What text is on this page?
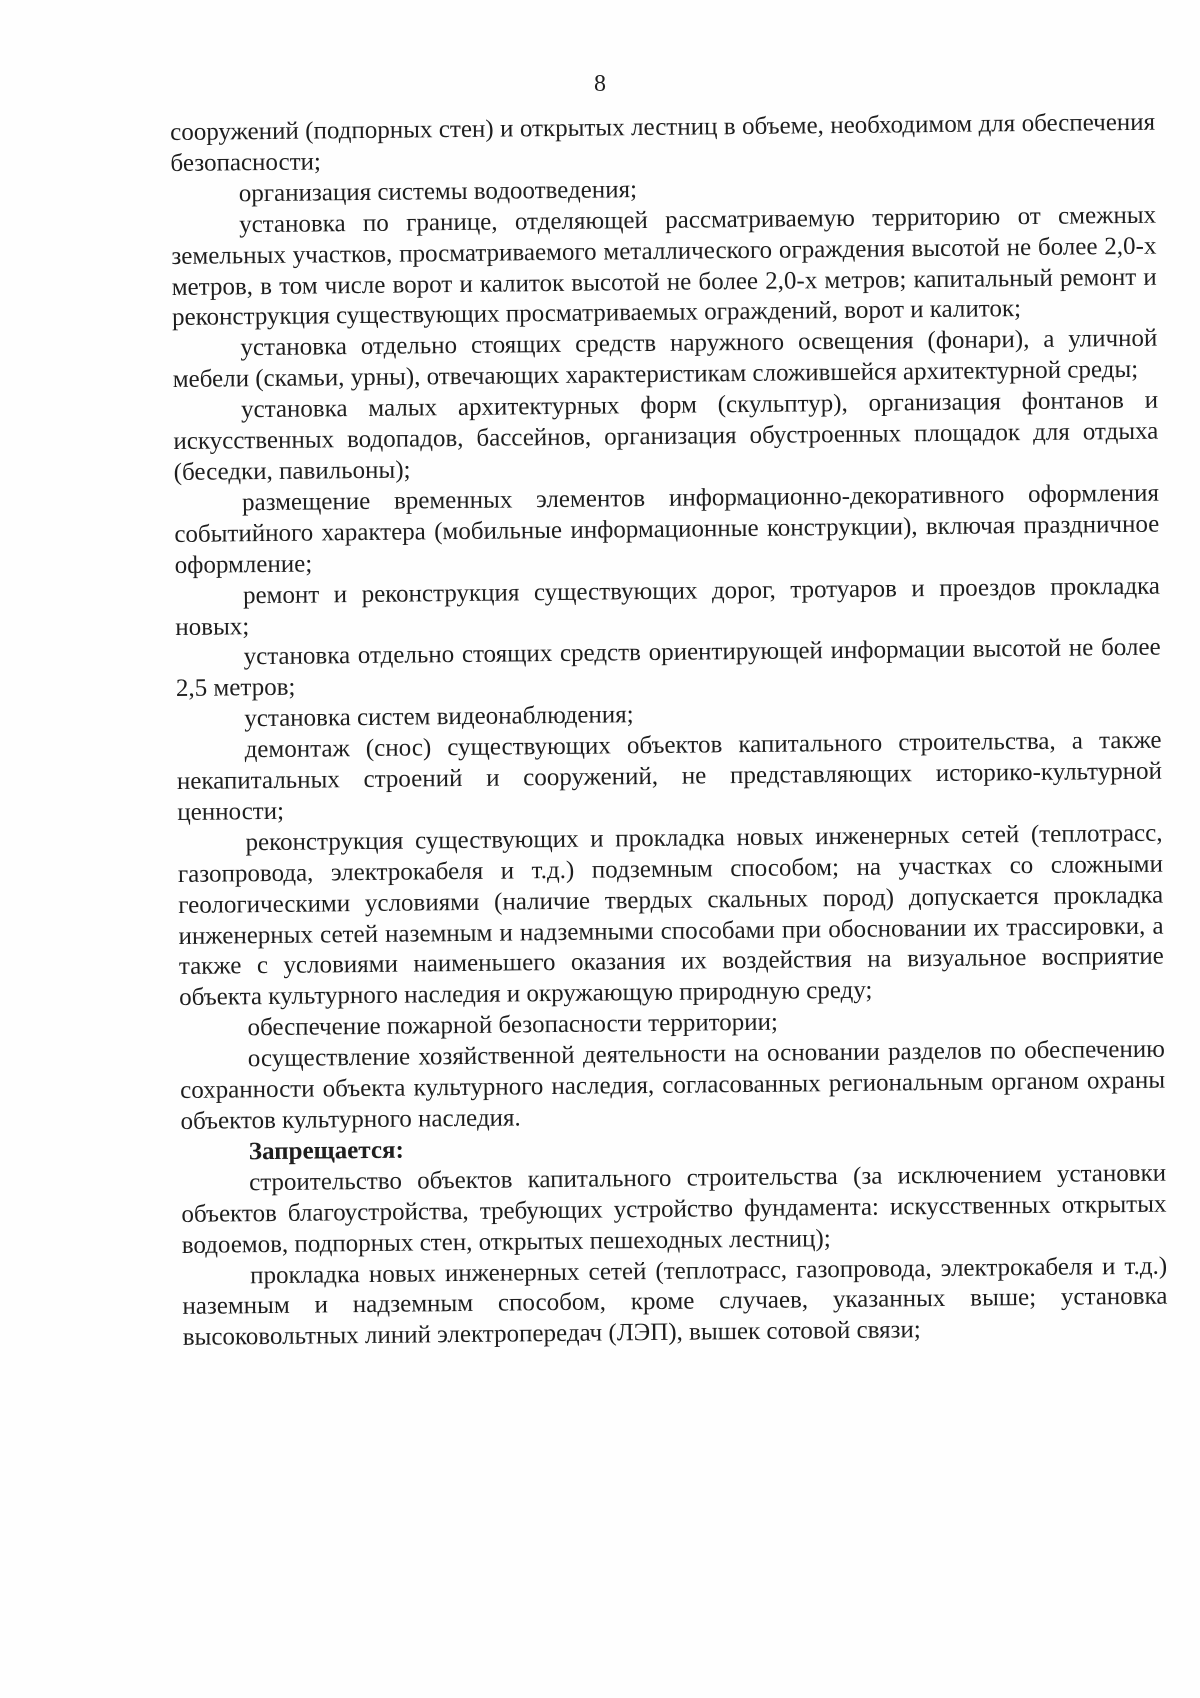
8

сооружений (подпорных стен) и открытых лестниц в объеме, необходимом для обеспечения безопасности;

организация системы водоотведения;

установка по границе, отделяющей рассматриваемую территорию от смежных земельных участков, просматриваемого металлического ограждения высотой не более 2,0-х метров, в том числе ворот и калиток высотой не более 2,0-х метров; капитальный ремонт и реконструкция существующих просматриваемых ограждений, ворот и калиток;

установка отдельно стоящих средств наружного освещения (фонари), а уличной мебели (скамьи, урны), отвечающих характеристикам сложившейся архитектурной среды;

установка малых архитектурных форм (скульптур), организация фонтанов и искусственных водопадов, бассейнов, организация обустроенных площадок для отдыха (беседки, павильоны);

размещение временных элементов информационно-декоративного оформления событийного характера (мобильные информационные конструкции), включая праздничное оформление;

ремонт и реконструкция существующих дорог, тротуаров и проездов прокладка новых;

установка отдельно стоящих средств ориентирующей информации высотой не более 2,5 метров;

установка систем видеонаблюдения;

демонтаж (снос) существующих объектов капитального строительства, а также некапитальных строений и сооружений, не представляющих историко-культурной ценности;

реконструкция существующих и прокладка новых инженерных сетей (теплотрасс, газопровода, электрокабеля и т.д.) подземным способом; на участках со сложными геологическими условиями (наличие твердых скальных пород) допускается прокладка инженерных сетей наземным и надземными способами при обосновании их трассировки, а также с условиями наименьшего оказания их воздействия на визуальное восприятие объекта культурного наследия и окружающую природную среду;

обеспечение пожарной безопасности территории;

осуществление хозяйственной деятельности на основании разделов по обеспечению сохранности объекта культурного наследия, согласованных региональным органом охраны объектов культурного наследия.

Запрещается:

строительство объектов капитального строительства (за исключением установки объектов благоустройства, требующих устройство фундамента: искусственных открытых водоемов, подпорных стен, открытых пешеходных лестниц);

прокладка новых инженерных сетей (теплотрасс, газопровода, электрокабеля и т.д.) наземным и надземным способом, кроме случаев, указанных выше; установка высоковольтных линий электропередач (ЛЭП), вышек сотовой связи;
